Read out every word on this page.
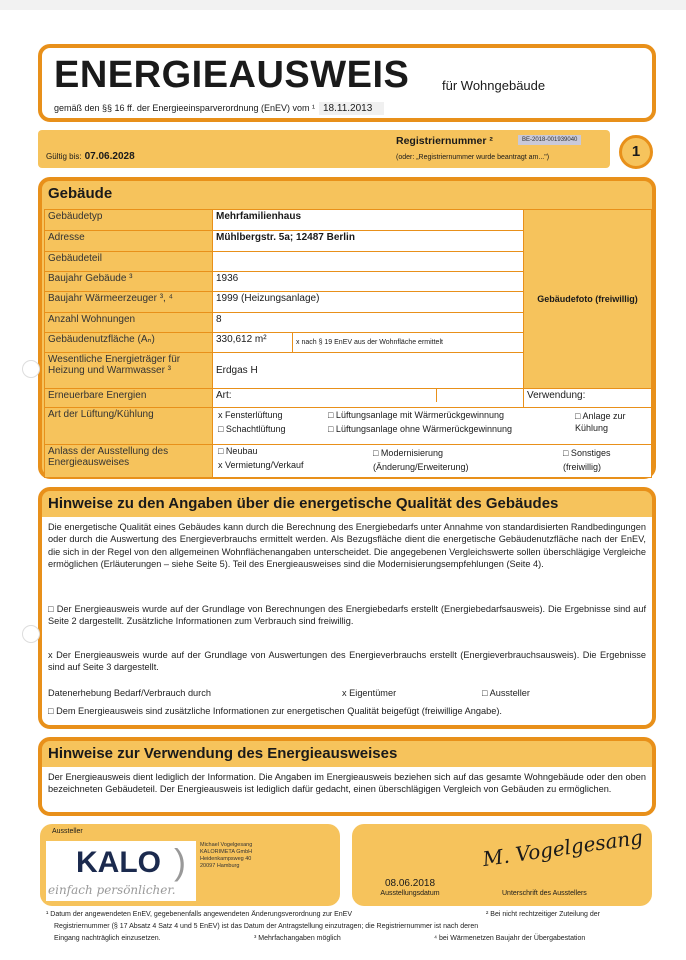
ENERGIEAUSWEIS	für Wohngebäude
gemäß den §§ 16 ff. der Energieeinsparverordnung (EnEV) vom ¹ 18.11.2013
Gültig bis: 07.06.2028
Registriernummer ²	BE-2018-001939040
(oder: „Registriernummer wurde beantragt am...")	1
Gebäude
Gebäudetyp	Mehrfamilienhaus		Gebäudefoto (freiwillig)
Adresse	Mühlbergstr. 5a; 12487 Berlin		
Gebäudeteil			
Baujahr Gebäude ³	1936		
Baujahr Wärmeerzeuger ³, ⁴	1999 (Heizungsanlage)		
Anzahl Wohnungen	8		
Gebäudenutzfläche (Aₙ)	330,612 m²	x nach § 19 EnEV aus der Wohnfläche ermittelt	
Wesentliche Energieträger für Heizung und Warmwasser ³	Erdgas H		
Erneuerbare Energien	Art:		Verwendung:
Art der Lüftung/Kühlung	x Fensterlüftung □ Lüftungsanlage mit Wärmerückgewinnung □ Anlage zur Kühlung
□ Schachtlüftung □ Lüftungsanlage ohne Wärmerückgewinnung		

Anlass der Ausstellung des Energieausweises	□ Neubau
x Vermietung/Verkauf
□ Modernisierung (Änderung/Erweiterung)
□ Sonstiges (freiwillig)		
Hinweise zu den Angaben über die energetische Qualität des Gebäudes
Die energetische Qualität eines Gebäudes kann durch die Berechnung des Energiebedarfs unter Annahme von standardisierten Randbedingungen oder durch die Auswertung des Energieverbrauchs ermittelt werden. Als Bezugsfläche dient die energetische Gebäudenutzfläche nach der EnEV, die sich in der Regel von den allgemeinen Wohnflächenangaben unterscheidet. Die angegebenen Vergleichswerte sollen überschlägige Vergleiche ermöglichen (Erläuterungen – siehe Seite 5). Teil des Energieausweises sind die Modernisierungsempfehlungen (Seite 4).
□ Der Energieausweis wurde auf der Grundlage von Berechnungen des Energiebedarfs erstellt (Energiebedarfsausweis). Die Ergebnisse sind auf Seite 2 dargestellt. Zusätzliche Informationen zum Verbrauch sind freiwillig.
x Der Energieausweis wurde auf der Grundlage von Auswertungen des Energieverbrauchs erstellt (Energieverbrauchsausweis). Die Ergebnisse sind auf Seite 3 dargestellt.
Datenerhebung Bedarf/Verbrauch durch	x Eigentümer	□ Aussteller
□ Dem Energieausweis sind zusätzliche Informationen zur energetischen Qualität beigefügt (freiwillige Angabe).
Hinweise zur Verwendung des Energieausweises
Der Energieausweis dient lediglich der Information. Die Angaben im Energieausweis beziehen sich auf das gesamte Wohngebäude oder den oben bezeichneten Gebäudeteil. Der Energieausweis ist lediglich dafür gedacht, einen überschlägigen Vergleich von Gebäuden zu ermöglichen.
Aussteller
KALO )
einfach persönlicher.
Michael Vogelgesang
KALORIMETA GmbH
Heidenkampsweg 40
20097 Hamburg
08.06.2018
Ausstellungsdatum
M. Vogelgesang
Unterschrift des Ausstellers
¹ Datum der angewendeten EnEV, gegebenenfalls angewendeten Änderungsverordnung zur EnEV	² Bei nicht rechtzeitiger Zuteilung der
Registriernummer (§ 17 Absatz 4 Satz 4 und 5 EnEV) ist das Datum der Antragstellung einzutragen; die Registriernummer ist nach deren
Eingang nachträglich einzusetzen.	³ Mehrfachangaben möglich	⁴ bei Wärmenetzen Baujahr der Übergabestation
